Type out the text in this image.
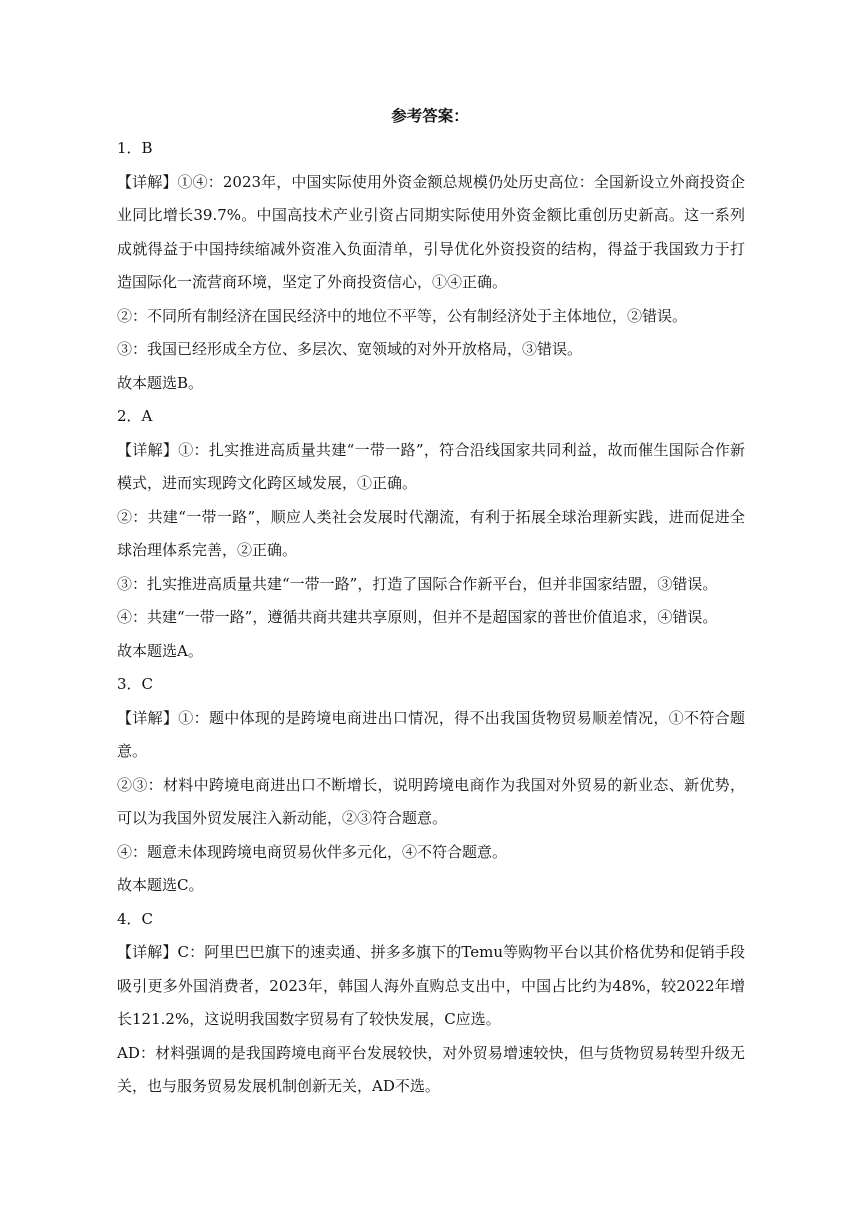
参考答案：
1．B
【详解】①④：2023年，中国实际使用外资金额总规模仍处历史高位：全国新设立外商投资企业同比增长39.7%。中国高技术产业引资占同期实际使用外资金额比重创历史新高。这一系列成就得益于中国持续缩减外资准入负面清单，引导优化外资投资的结构，得益于我国致力于打造国际化一流营商环境，坚定了外商投资信心，①④正确。
②：不同所有制经济在国民经济中的地位不平等，公有制经济处于主体地位，②错误。
③：我国已经形成全方位、多层次、宽领域的对外开放格局，③错误。
故本题选B。
2．A
【详解】①：扎实推进高质量共建“一带一路”，符合沿线国家共同利益，故而催生国际合作新模式，进而实现跨文化跨区域发展，①正确。
②：共建“一带一路”，顺应人类社会发展时代潮流，有利于拓展全球治理新实践，进而促进全球治理体系完善，②正确。
③：扎实推进高质量共建“一带一路”，打造了国际合作新平台，但并非国家结盟，③错误。
④：共建“一带一路”，遵循共商共建共享原则，但并不是超国家的普世价值追求，④错误。
故本题选A。
3．C
【详解】①：题中体现的是跨境电商进出口情况，得不出我国货物贸易顺差情况，①不符合题意。
②③：材料中跨境电商进出口不断增长，说明跨境电商作为我国对外贸易的新业态、新优势，可以为我国外贸发展注入新动能，②③符合题意。
④：题意未体现跨境电商贸易伙伴多元化，④不符合题意。
故本题选C。
4．C
【详解】C：阿里巴巴旗下的速卖通、拼多多旗下的Temu等购物平台以其价格优势和促销手段吸引更多外国消费者，2023年，韩国人海外直购总支出中，中国占比约为48%，较2022年增长121.2%，这说明我国数字贸易有了较快发展，C应选。
AD：材料强调的是我国跨境电商平台发展较快，对外贸易增速较快，但与货物贸易转型升级无关，也与服务贸易发展机制创新无关，AD不选。
